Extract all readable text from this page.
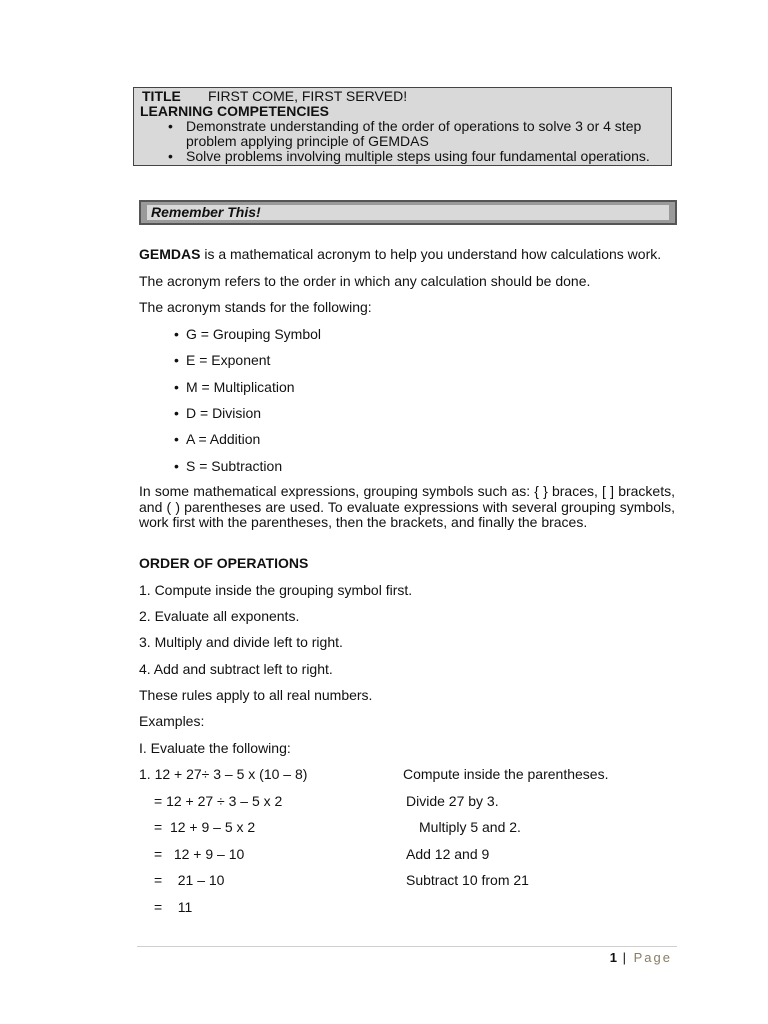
TITLE FIRST COME, FIRST SERVED!
LEARNING COMPETENCIES
• Demonstrate understanding of the order of operations to solve 3 or 4 step
problem applying principle of GEMDAS
• Solve problems involving multiple steps using four fundamental operations.
Remember This!
GEMDAS is a mathematical acronym to help you understand how calculations work.
The acronym refers to the order in which any calculation should be done.
The acronym stands for the following:
• G = Grouping Symbol
• E = Exponent
• M = Multiplication
• D = Division
• A = Addition
• S = Subtraction
In some mathematical expressions, grouping symbols such as: { } braces, [ ] brackets, and ( ) parentheses are used. To evaluate expressions with several grouping symbols, work first with the parentheses, then the brackets, and finally the braces.
ORDER OF OPERATIONS
1. Compute inside the grouping symbol first.
2. Evaluate all exponents.
3. Multiply and divide left to right.
4. Add and subtract left to right.
These rules apply to all real numbers.
Examples:
I. Evaluate the following:
1. 12 + 27÷ 3 – 5 x (10 – 8)	Compute inside the parentheses.
= 12 + 27 ÷ 3 – 5 x 2	Divide 27 by 3.
=  12 + 9 – 5 x 2	Multiply 5 and 2.
=   12 + 9 – 10	Add 12 and 9
=    21 – 10	Subtract 10 from 21
=    11
1 | Page
